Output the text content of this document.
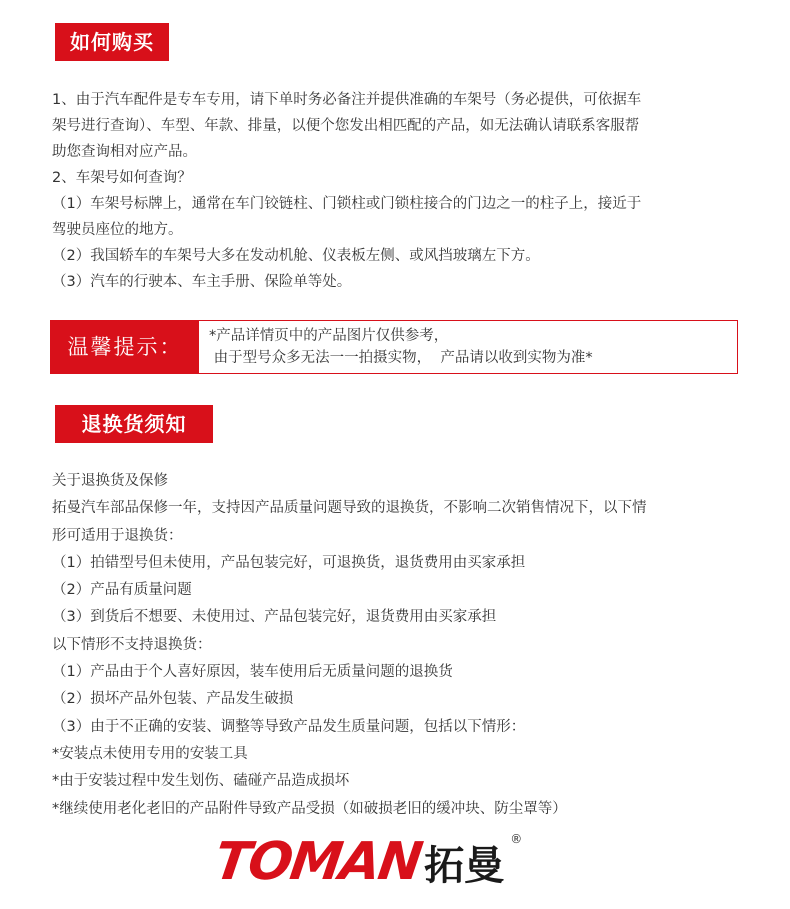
如何购买
1、由于汽车配件是专车专用，请下单时务必备注并提供准确的车架号（务必提供，可依据车
架号进行查询）、车型、年款、排量，以便个您发出相匹配的产品，如无法确认请联系客服帮
助您查询相对应产品。
2、车架号如何查询？
（1）车架号标牌上，通常在车门铰链柱、门锁柱或门锁柱接合的门边之一的柱子上，接近于
驾驶员座位的地方。
（2）我国轿车的车架号大多在发动机舱、仪表板左侧、或风挡玻璃左下方。
（3）汽车的行驶本、车主手册、保险单等处。
温馨提示：	*产品详情页中的产品图片仅供参考，
由于型号众多无法一一拍摄实物，  产品请以收到实物为准*
退换货须知
关于退换货及保修
拓曼汽车部品保修一年，支持因产品质量问题导致的退换货，不影响二次销售情况下，以下情
形可适用于退换货：
（1）拍错型号但未使用，产品包装完好，可退换货，退货费用由买家承担
（2）产品有质量问题
（3）到货后不想要、未使用过、产品包装完好，退货费用由买家承担
以下情形不支持退换货：
（1）产品由于个人喜好原因，装车使用后无质量问题的退换货
（2）损坏产品外包装、产品发生破损
（3）由于不正确的安装、调整等导致产品发生质量问题，包括以下情形：
*安装点未使用专用的安装工具
*由于安装过程中发生划伤、磕碰产品造成损坏
*继续使用老化老旧的产品附件导致产品受损（如破损老旧的缓冲块、防尘罩等）
TOMAN 拓曼
®
